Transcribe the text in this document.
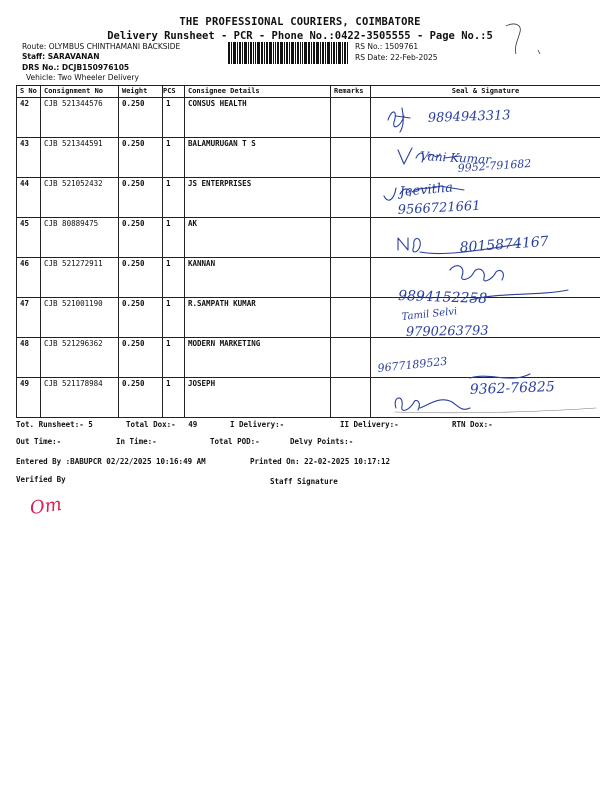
THE PROFESSIONAL COURIERS, COIMBATORE
Delivery Runsheet - PCR - Phone No.:0422-3505555 - Page No.:5
Route: OLYMBUS CHINTHAMANI BACKSIDE
Staff: SARAVANAN
DRS No.: DCJB150976105
Vehicle: Two Wheeler Delivery
RS No.: 1509761
RS Date: 22-Feb-2025
S No	Consignment No	Weight	PCS	Consignee Details	Remarks	Seal & Signature
42	CJB 521344576	0.250	1	CONSUS HEALTH		
43	CJB 521344591	0.250	1	BALAMURUGAN T S		
44	CJB 521052432	0.250	1	JS ENTERPRISES		
45	CJB 80889475	0.250	1	AK		
46	CJB 521272911	0.250	1	KANNAN		
47	CJB 521001190	0.250	1	R.SAMPATH KUMAR		
48	CJB 521296362	0.250	1	MODERN MARKETING		
49	CJB 521178984	0.250	1	JOSEPH		
9894943313
Vani Kumar
9952-791682
Jeevitha
9566721661
8015874167
9894152258
Tamil Selvi
9790263793
9677189523
9362-76825
Tot. Runsheet:- 5	Total Dox:- 49	I Delivery:-	II Delivery:-	RTN Dox:-
Out Time:-	In Time:-	Total POD:-	Delvy Points:-
Entered By :BABUPCR 02/22/2025 10:16:49 AM	Printed On: 22-02-2025 10:17:12
Verified By	Staff Signature
Om
